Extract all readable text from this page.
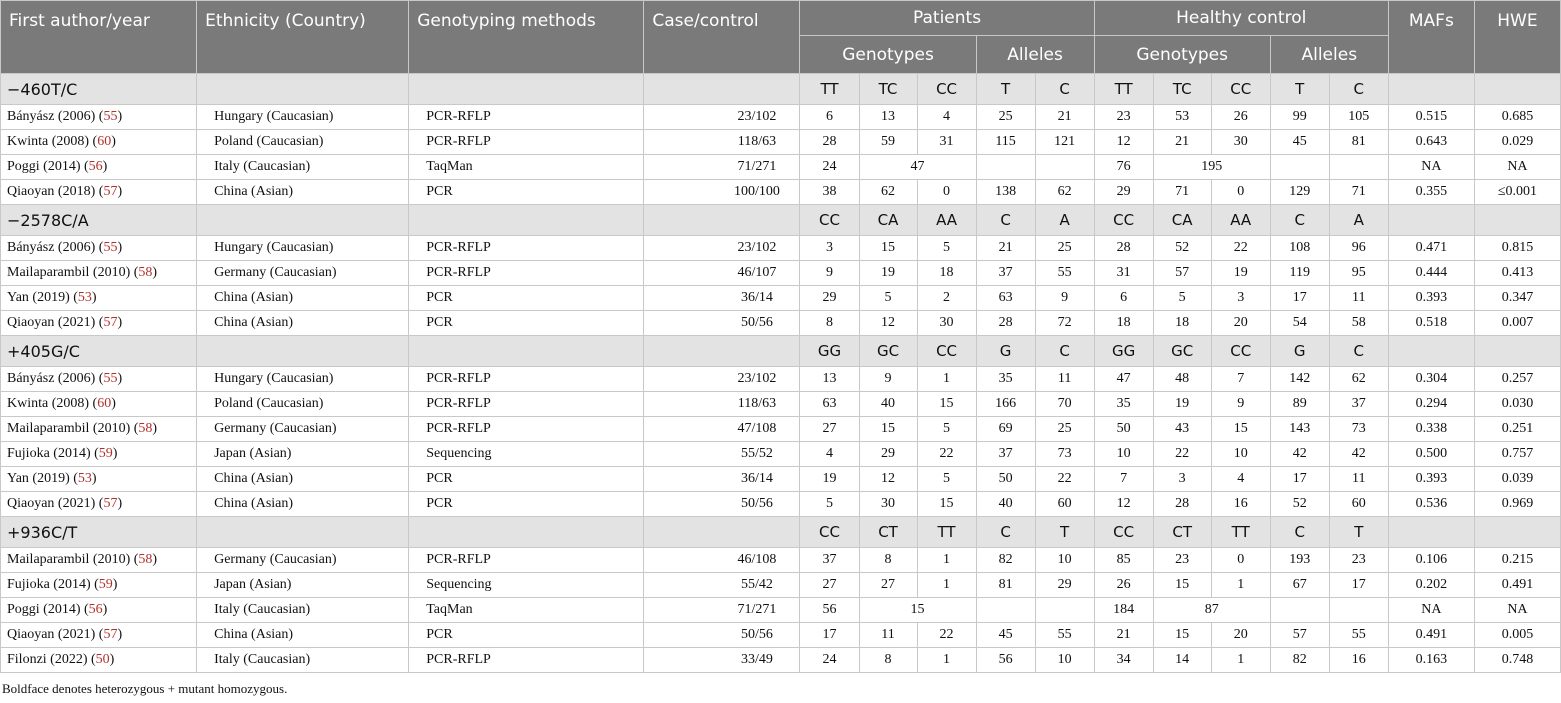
First author/year	Ethnicity (Country)	Genotyping methods	Case/control	Patients					Healthy control					MAFs	HWE
				Genotypes			Alleles		Genotypes			Alleles			
−460T/C				TT	TC	CC	T	C	TT	TC	CC	T	C		
Bányász (2006) (55)	Hungary (Caucasian)	PCR-RFLP	23/102	6	13	4	25	21	23	53	26	99	105	0.515	0.685
Kwinta (2008) (60)	Poland (Caucasian)	PCR-RFLP	118/63	28	59	31	115	121	12	21	30	45	81	0.643	0.029
Poggi (2014) (56)	Italy (Caucasian)	TaqMan	71/271	24	47				76	195				NA	NA
Qiaoyan (2018) (57)	China (Asian)	PCR	100/100	38	62	0	138	62	29	71	0	129	71	0.355	≤0.001
−2578C/A				CC	CA	AA	C	A	CC	CA	AA	C	A		
Bányász (2006) (55)	Hungary (Caucasian)	PCR-RFLP	23/102	3	15	5	21	25	28	52	22	108	96	0.471	0.815
Mailaparambil (2010) (58)	Germany (Caucasian)	PCR-RFLP	46/107	9	19	18	37	55	31	57	19	119	95	0.444	0.413
Yan (2019) (53)	China (Asian)	PCR	36/14	29	5	2	63	9	6	5	3	17	11	0.393	0.347
Qiaoyan (2021) (57)	China (Asian)	PCR	50/56	8	12	30	28	72	18	18	20	54	58	0.518	0.007
+405G/C				GG	GC	CC	G	C	GG	GC	CC	G	C		
Bányász (2006) (55)	Hungary (Caucasian)	PCR-RFLP	23/102	13	9	1	35	11	47	48	7	142	62	0.304	0.257
Kwinta (2008) (60)	Poland (Caucasian)	PCR-RFLP	118/63	63	40	15	166	70	35	19	9	89	37	0.294	0.030
Mailaparambil (2010) (58)	Germany (Caucasian)	PCR-RFLP	47/108	27	15	5	69	25	50	43	15	143	73	0.338	0.251
Fujioka (2014) (59)	Japan (Asian)	Sequencing	55/52	4	29	22	37	73	10	22	10	42	42	0.500	0.757
Yan (2019) (53)	China (Asian)	PCR	36/14	19	12	5	50	22	7	3	4	17	11	0.393	0.039
Qiaoyan (2021) (57)	China (Asian)	PCR	50/56	5	30	15	40	60	12	28	16	52	60	0.536	0.969
+936C/T				CC	CT	TT	C	T	CC	CT	TT	C	T		
Mailaparambil (2010) (58)	Germany (Caucasian)	PCR-RFLP	46/108	37	8	1	82	10	85	23	0	193	23	0.106	0.215
Fujioka (2014) (59)	Japan (Asian)	Sequencing	55/42	27	27	1	81	29	26	15	1	67	17	0.202	0.491
Poggi (2014) (56)	Italy (Caucasian)	TaqMan	71/271	56	15				184	87				NA	NA
Qiaoyan (2021) (57)	China (Asian)	PCR	50/56	17	11	22	45	55	21	15	20	57	55	0.491	0.005
Filonzi (2022) (50)	Italy (Caucasian)	PCR-RFLP	33/49	24	8	1	56	10	34	14	1	82	16	0.163	0.748
Boldface denotes heterozygous + mutant homozygous.
